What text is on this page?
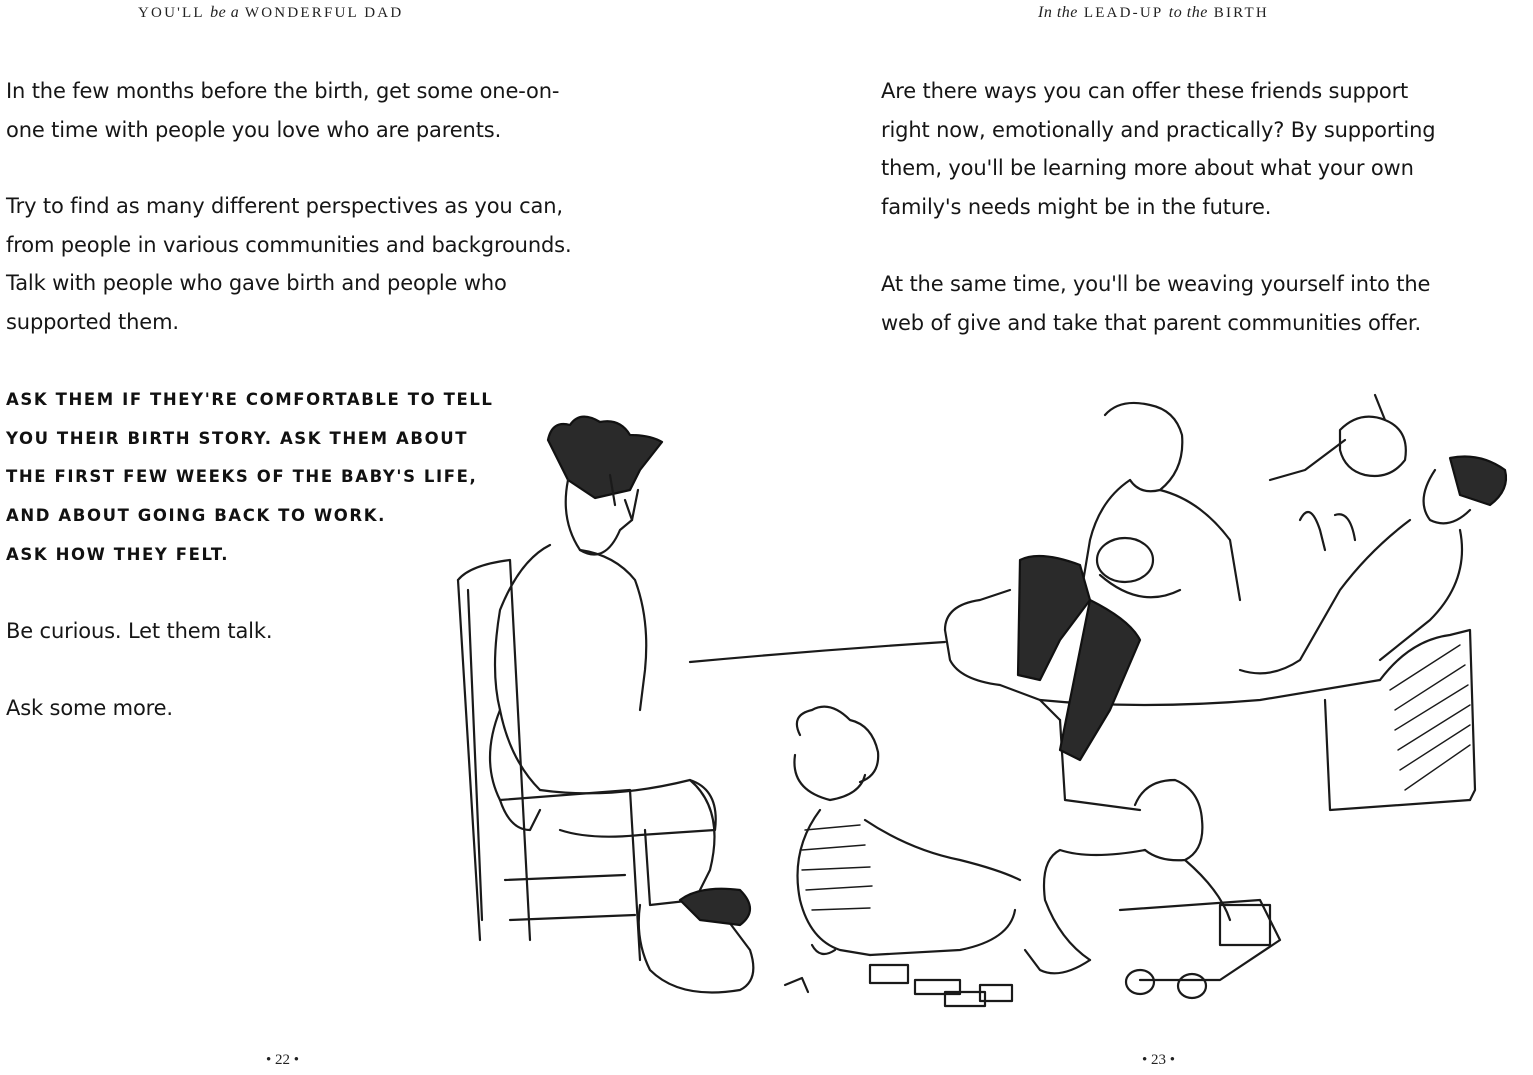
YOU'LL be a WONDERFUL DAD	In the LEAD-UP to the BIRTH

In the few months before the birth, get some one-on-
one time with people you love who are parents.

Try to find as many different perspectives as you can,
from people in various communities and backgrounds.
Talk with people who gave birth and people who
supported them.

ASK THEM IF THEY'RE COMFORTABLE TO TELL
YOU THEIR BIRTH STORY. ASK THEM ABOUT
THE FIRST FEW WEEKS OF THE BABY'S LIFE,
AND ABOUT GOING BACK TO WORK.
ASK HOW THEY FELT.

Be curious. Let them talk.

Ask some more.

Are there ways you can offer these friends support
right now, emotionally and practically? By supporting
them, you'll be learning more about what your own
family's needs might be in the future.

At the same time, you'll be weaving yourself into the
web of give and take that parent communities offer.

• 22 •	• 23 •
